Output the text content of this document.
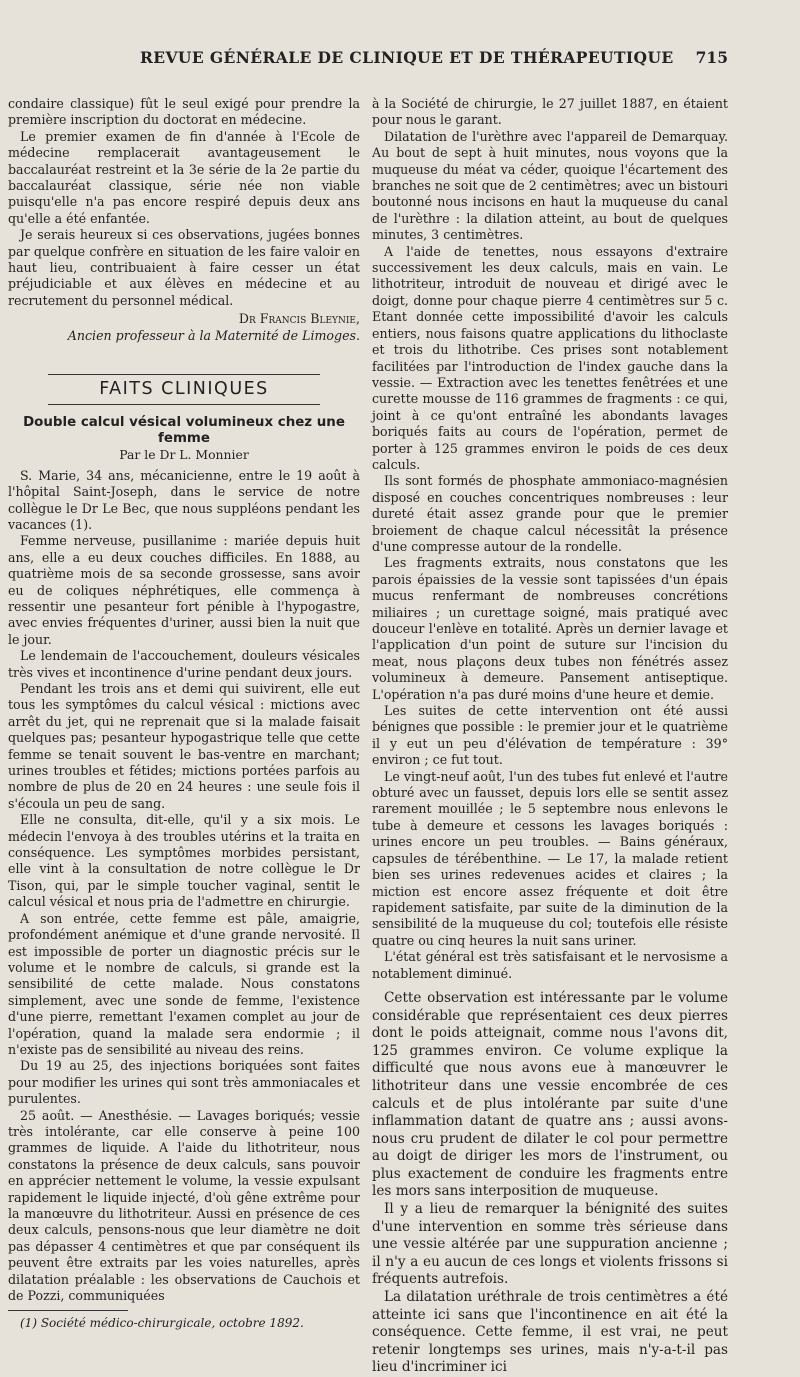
REVUE GÉNÉRALE DE CLINIQUE ET DE THÉRAPEUTIQUE 715

condaire classique) fût le seul exigé pour prendre la première inscription du doctorat en médecine.

Le premier examen de fin d'année à l'Ecole de médecine remplacerait avantageusement le baccalauréat restreint et la 3e série de la 2e partie du baccalauréat classique, série née non viable puisqu'elle n'a pas encore respiré depuis deux ans qu'elle a été enfantée.

Je serais heureux si ces observations, jugées bonnes par quelque confrère en situation de les faire valoir en haut lieu, contribuaient à faire cesser un état préjudiciable et aux élèves en médecine et au recrutement du personnel médical.

Dr Francis Bleynie,
Ancien professeur à la Maternité de Limoges.
FAITS CLINIQUES
Double calcul vésical volumineux chez une femme
Par le Dr L. Monnier

S. Marie, 34 ans, mécanicienne, entre le 19 août à l'hôpital Saint-Joseph, dans le service de notre collègue le Dr Le Bec, que nous suppléons pendant les vacances (1).

Femme nerveuse, pusillanime : mariée depuis huit ans, elle a eu deux couches difficiles. En 1888, au quatrième mois de sa seconde grossesse, sans avoir eu de coliques néphrétiques, elle commença à ressentir une pesanteur fort pénible à l'hypogastre, avec envies fréquentes d'uriner, aussi bien la nuit que le jour.

Le lendemain de l'accouchement, douleurs vésicales très vives et incontinence d'urine pendant deux jours.

Pendant les trois ans et demi qui suivirent, elle eut tous les symptômes du calcul vésical : mictions avec arrêt du jet, qui ne reprenait que si la malade faisait quelques pas; pesanteur hypogastrique telle que cette femme se tenait souvent le bas-ventre en marchant; urines troubles et fétides; mictions portées parfois au nombre de plus de 20 en 24 heures : une seule fois il s'écoula un peu de sang.

Elle ne consulta, dit-elle, qu'il y a six mois. Le médecin l'envoya à des troubles utérins et la traita en conséquence. Les symptômes morbides persistant, elle vint à la consultation de notre collègue le Dr Tison, qui, par le simple toucher vaginal, sentit le calcul vésical et nous pria de l'admettre en chirurgie.

A son entrée, cette femme est pâle, amaigrie, profondément anémique et d'une grande nervosité. Il est impossible de porter un diagnostic précis sur le volume et le nombre de calculs, si grande est la sensibilité de cette malade. Nous constatons simplement, avec une sonde de femme, l'existence d'une pierre, remettant l'examen complet au jour de l'opération, quand la malade sera endormie ; il n'existe pas de sensibilité au niveau des reins.

Du 19 au 25, des injections boriquées sont faites pour modifier les urines qui sont très ammoniacales et purulentes.

25 août. — Anesthésie. — Lavages boriqués; vessie très intolérante, car elle conserve à peine 100 grammes de liquide. A l'aide du lithotriteur, nous constatons la présence de deux calculs, sans pouvoir en apprécier nettement le volume, la vessie expulsant rapidement le liquide injecté, d'où gêne extrême pour la manœuvre du lithotriteur. Aussi en présence de ces deux calculs, pensons-nous que leur diamètre ne doit pas dépasser 4 centimètres et que par conséquent ils peuvent être extraits par les voies naturelles, après dilatation préalable : les observations de Cauchois et de Pozzi, communiquées

(1) Société médico-chirurgicale, octobre 1892.

à la Société de chirurgie, le 27 juillet 1887, en étaient pour nous le garant.

Dilatation de l'urèthre avec l'appareil de Demarquay. Au bout de sept à huit minutes, nous voyons que la muqueuse du méat va céder, quoique l'écartement des branches ne soit que de 2 centimètres; avec un bistouri boutonné nous incisons en haut la muqueuse du canal de l'urèthre : la dilation atteint, au bout de quelques minutes, 3 centimètres.

A l'aide de tenettes, nous essayons d'extraire successivement les deux calculs, mais en vain. Le lithotriteur, introduit de nouveau et dirigé avec le doigt, donne pour chaque pierre 4 centimètres sur 5 c. Etant donnée cette impossibilité d'avoir les calculs entiers, nous faisons quatre applications du lithoclaste et trois du lithotribe. Ces prises sont notablement facilitées par l'introduction de l'index gauche dans la vessie. — Extraction avec les tenettes fenêtrées et une curette mousse de 116 grammes de fragments : ce qui, joint à ce qu'ont entraîné les abondants lavages boriqués faits au cours de l'opération, permet de porter à 125 grammes environ le poids de ces deux calculs.

Ils sont formés de phosphate ammoniaco-magnésien disposé en couches concentriques nombreuses : leur dureté était assez grande pour que le premier broiement de chaque calcul nécessitât la présence d'une compresse autour de la rondelle.

Les fragments extraits, nous constatons que les parois épaissies de la vessie sont tapissées d'un épais mucus renfermant de nombreuses concrétions miliaires ; un curettage soigné, mais pratiqué avec douceur l'enlève en totalité. Après un dernier lavage et l'application d'un point de suture sur l'incision du meat, nous plaçons deux tubes non fénétrés assez volumineux à demeure. Pansement antiseptique. L'opération n'a pas duré moins d'une heure et demie.

Les suites de cette intervention ont été aussi bénignes que possible : le premier jour et le quatrième il y eut un peu d'élévation de température : 39° environ ; ce fut tout.

Le vingt-neuf août, l'un des tubes fut enlevé et l'autre obturé avec un fausset, depuis lors elle se sentit assez rarement mouillée ; le 5 septembre nous enlevons le tube à demeure et cessons les lavages boriqués : urines encore un peu troubles. — Bains généraux, capsules de térébenthine. — Le 17, la malade retient bien ses urines redevenues acides et claires ; la miction est encore assez fréquente et doit être rapidement satisfaite, par suite de la diminution de la sensibilité de la muqueuse du col; toutefois elle résiste quatre ou cinq heures la nuit sans uriner.

L'état général est très satisfaisant et le nervosisme a notablement diminué.

Cette observation est intéressante par le volume considérable que représentaient ces deux pierres dont le poids atteignait, comme nous l'avons dit, 125 grammes environ. Ce volume explique la difficulté que nous avons eue à manœuvrer le lithotriteur dans une vessie encombrée de ces calculs et de plus intolérante par suite d'une inflammation datant de quatre ans ; aussi avons-nous cru prudent de dilater le col pour permettre au doigt de diriger les mors de l'instrument, ou plus exactement de conduire les fragments entre les mors sans interposition de muqueuse.

Il y a lieu de remarquer la bénignité des suites d'une intervention en somme très sérieuse dans une vessie altérée par une suppuration ancienne ; il n'y a eu aucun de ces longs et violents frissons si fréquents autrefois.

La dilatation uréthrale de trois centimètres a été atteinte ici sans que l'incontinence en ait été la conséquence. Cette femme, il est vrai, ne peut retenir longtemps ses urines, mais n'y-a-t-il pas lieu d'incriminer ici
